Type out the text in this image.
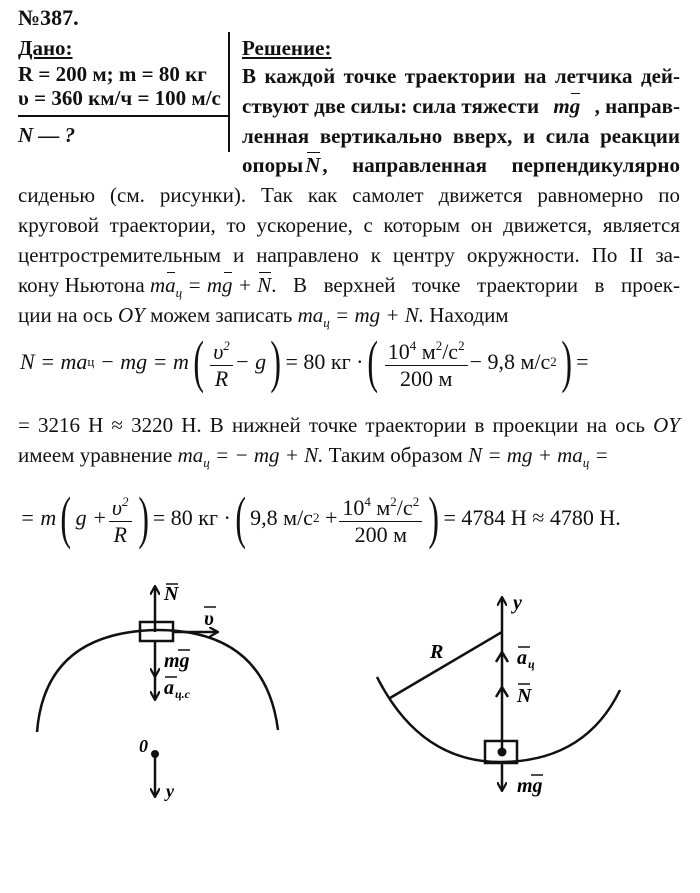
№387.
Дано:
R = 200 м; m = 80 кг
υ = 360 км/ч = 100 м/с
N — ?
Решение:
В каждой точке траектории на летчика дей-
ствуют две силы: сила тяжести mg , направ-
ленная вертикально вверх, и сила реакции
опоры N , направленная перпендикулярно
сиденью (см. рисунки). Так как самолет движется равномерно по
круговой траектории, то ускорение, с которым он движется, является
центростремительным и направлено к центру окружности. По II за-
кону Ньютона $ma_ц$ = mg + N . В верхней точке траектории в проек-
ции на ось OY можем записать $ma_ц$ = mg + N. Находим
N
= ma ц
− mg = m ( $\frac{\upsilon^2}{R} - g$ ) = 80 кг · ( $\frac{10^4 м^2/с^2}{200 м} - 9,8$ м/с 2 ) =
= 3216 Н ≈ 3220 Н. В нижней точке траектории в проекции на ось OY
имеем уравнение $ma_ц$ = − mg + N. Таким образом N = mg + $ma_ц$ =
= m ( $g + \frac{\upsilon^2}{R}$ ) = 80 кг · ( 9,8 м/с 2
+ $\frac{10^4 м^2/с^2}{200 м}$ ) = 4784 Н ≈ 4780 Н.
N
υ
mg
a ц.с
0
y
R
y
a ц
N
mg
